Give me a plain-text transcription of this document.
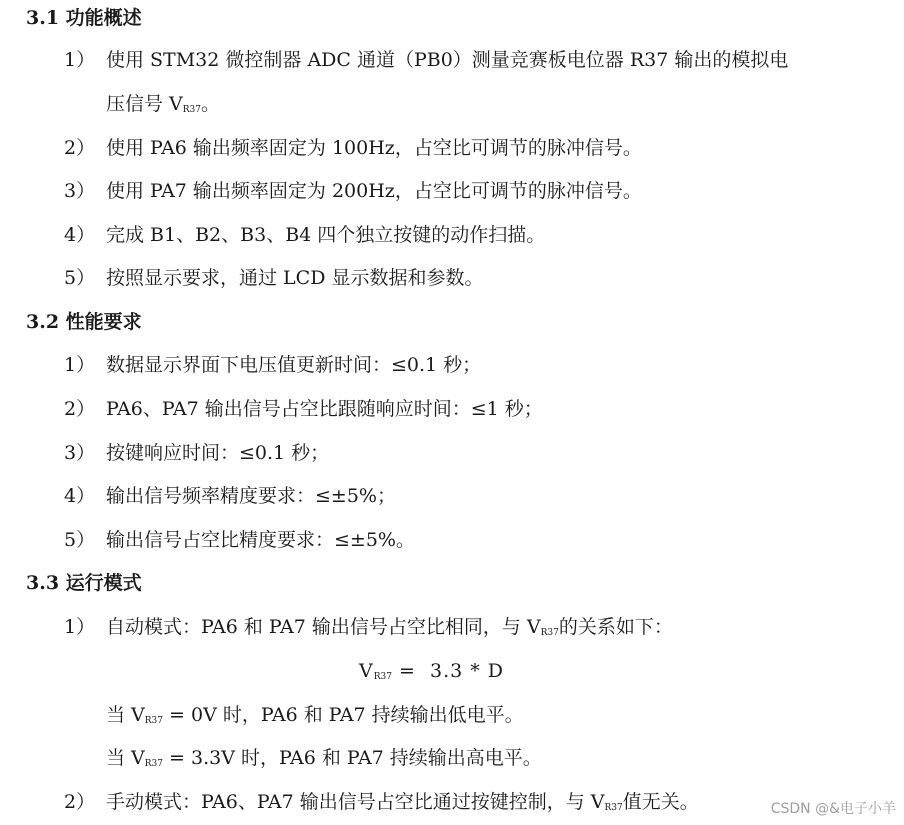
3.1 功能概述
1） 使用 STM32 微控制器 ADC 通道（PB0）测量竞赛板电位器 R37 输出的模拟电
压信号 $V_{R37}$。
2） 使用 PA6 输出频率固定为 100Hz，占空比可调节的脉冲信号。
3） 使用 PA7 输出频率固定为 200Hz，占空比可调节的脉冲信号。
4） 完成 B1、B2、B3、B4 四个独立按键的动作扫描。
5） 按照显示要求，通过 LCD 显示数据和参数。
3.2 性能要求
1） 数据显示界面下电压值更新时间：≤0.1 秒；
2） PA6、PA7 输出信号占空比跟随响应时间：≤1 秒；
3） 按键响应时间：≤0.1 秒；
4） 输出信号频率精度要求：≤±5%；
5） 输出信号占空比精度要求：≤±5%。
3.3 运行模式
1） 自动模式：PA6 和 PA7 输出信号占空比相同，与 $V_{R37}$的关系如下：
$V_{R37} = 3.3 * D$
当 $V_{R37} = 0V$ 时，PA6 和 PA7 持续输出低电平。
当 $V_{R37} = 3.3V$ 时，PA6 和 PA7 持续输出高电平。
2） 手动模式：PA6、PA7 输出信号占空比通过按键控制，与 $V_{R37}$值无关。	CSDN @&电子小羊
